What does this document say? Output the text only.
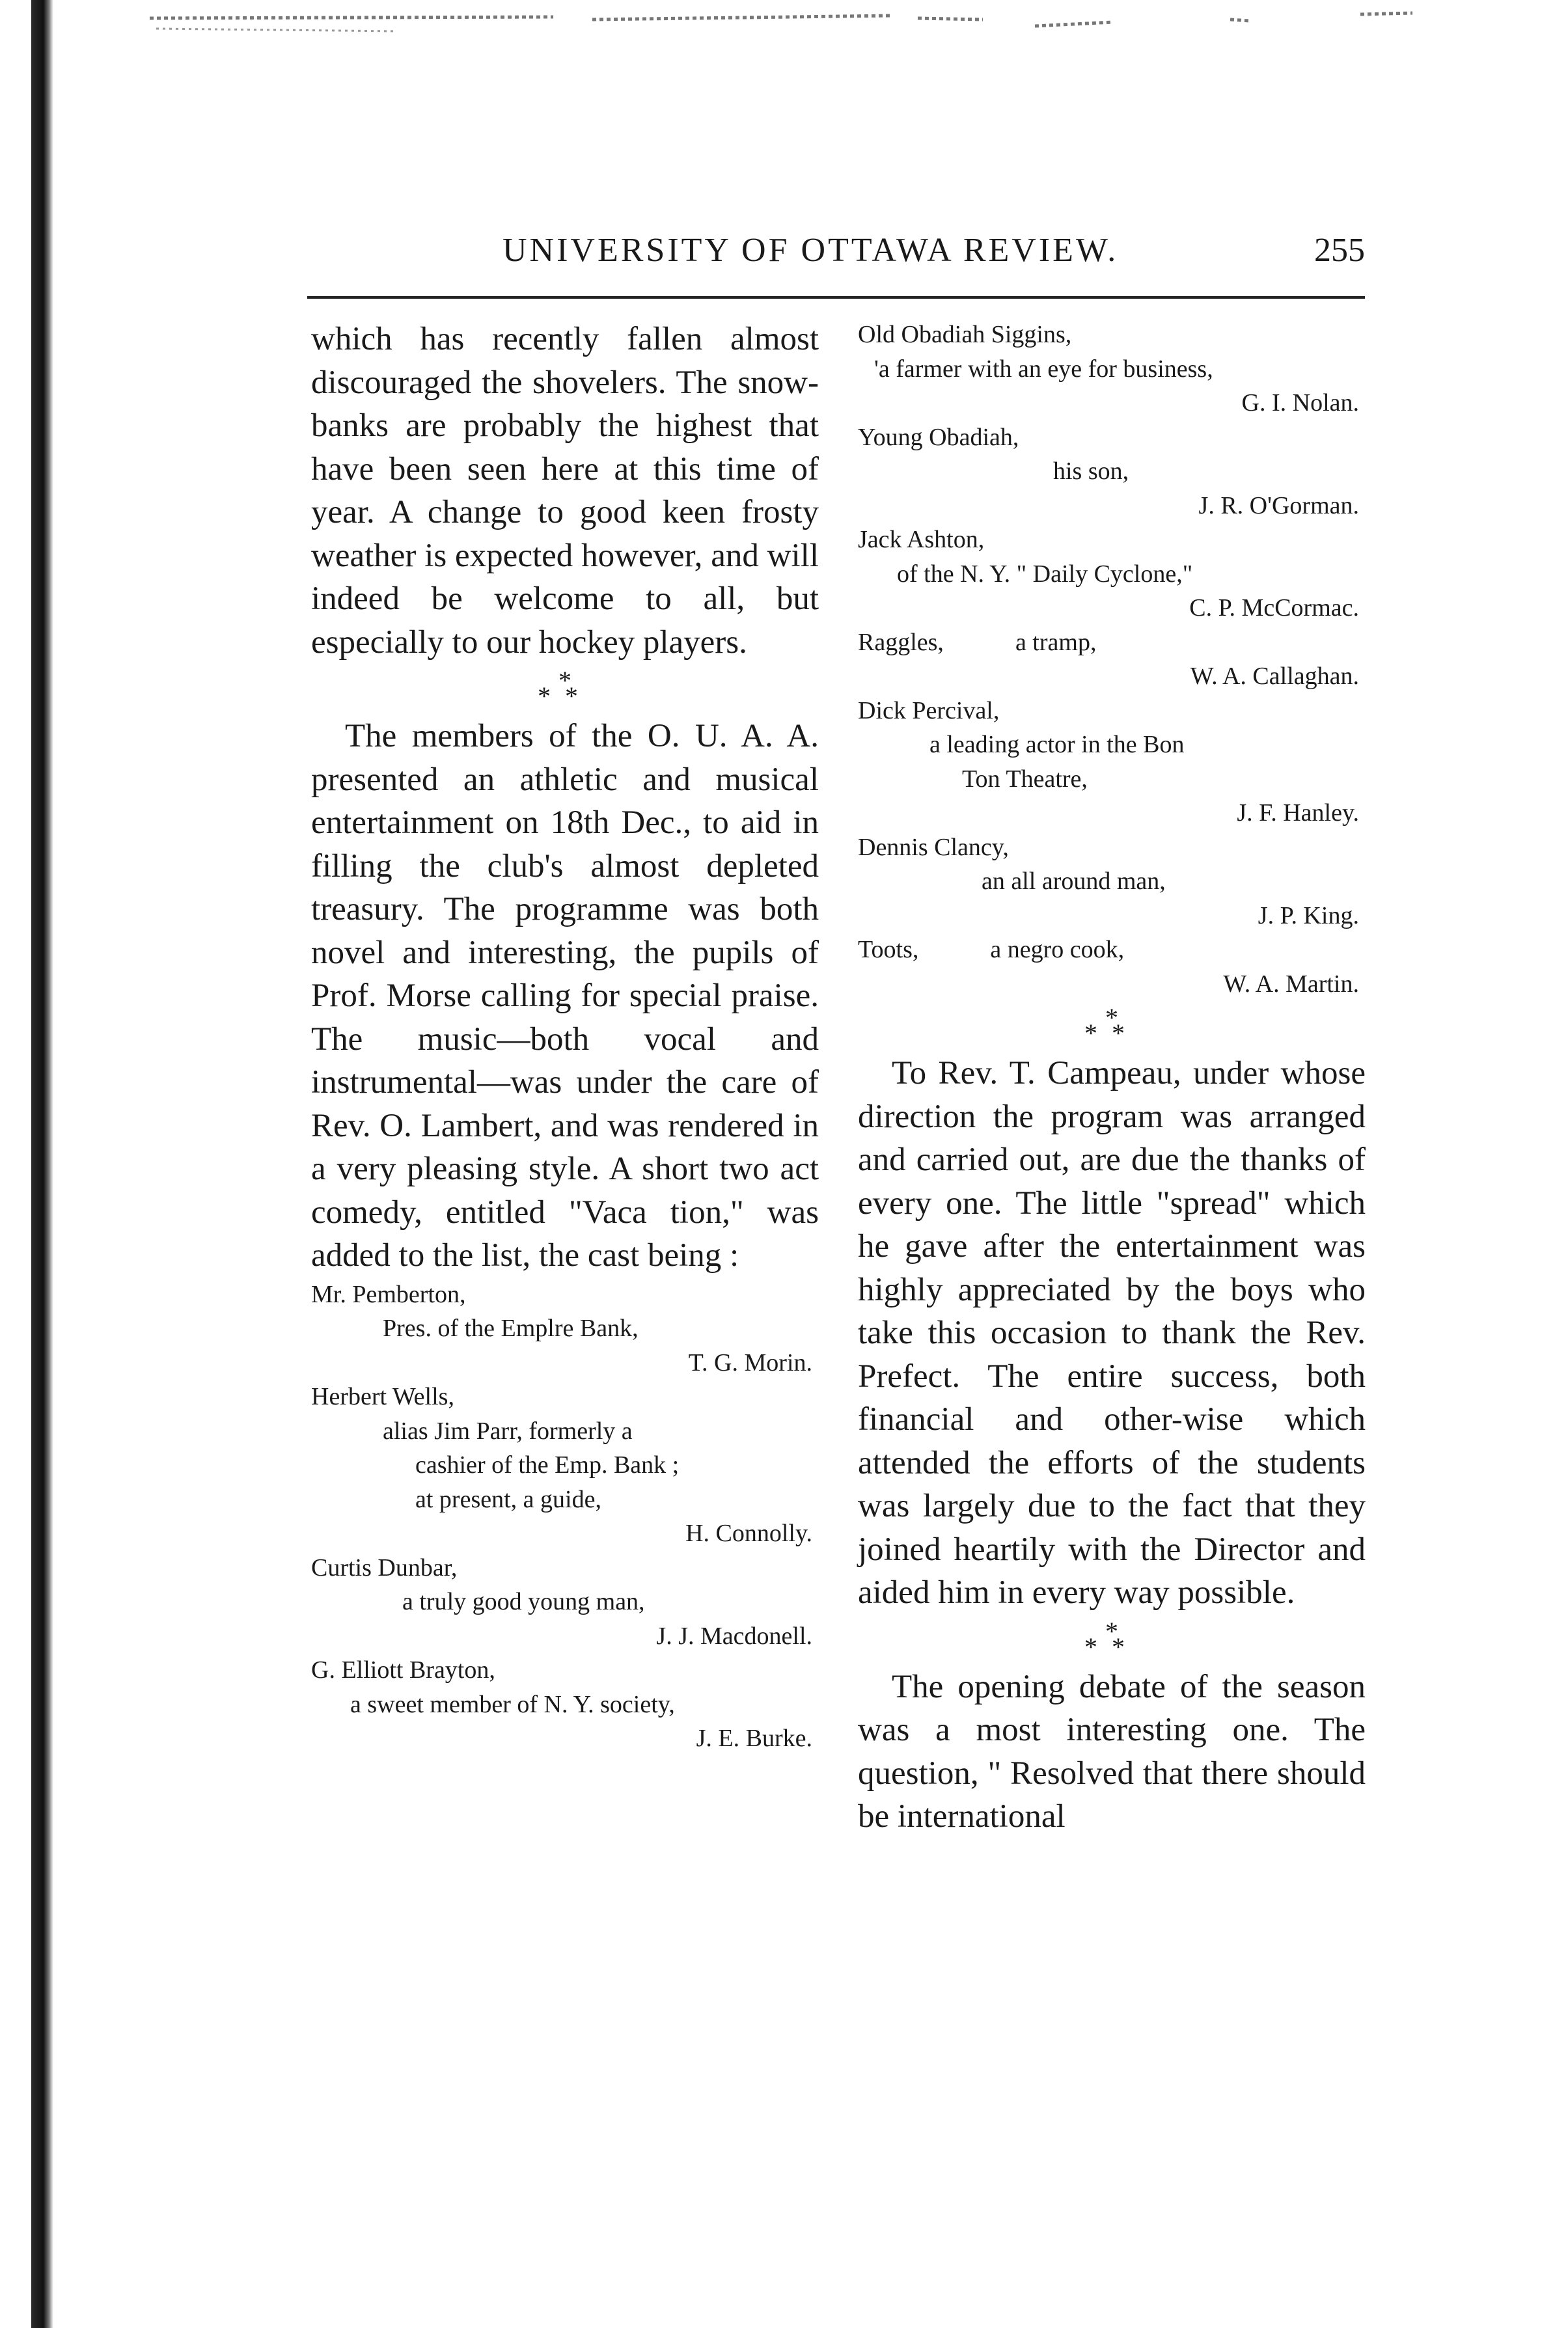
UNIVERSITY OF OTTAWA REVIEW.	255

which has recently fallen almost discouraged the shovelers. The snow-banks are probably the highest that have been seen here at this time of year. A change to good keen frosty weather is expected however, and will indeed be welcome to all, but especially to our hockey players.

*
**

The members of the O. U. A. A. presented an athletic and musical entertainment on 18th Dec., to aid in filling the club's almost depleted treasury. The programme was both novel and interesting, the pupils of Prof. Morse calling for special praise. The music—both vocal and instrumental—was under the care of Rev. O. Lambert, and was rendered in a very pleasing style. A short two act comedy, entitled "Vaca tion," was added to the list, the cast being :

Mr. Pemberton,
Pres. of the Emplre Bank,
T. G. Morin.
Herbert Wells,
alias Jim Parr, formerly a
cashier of the Emp. Bank ;
at present, a guide,
H. Connolly.
Curtis Dunbar,
a truly good young man,
J. J. Macdonell.
G. Elliott Brayton,
a sweet member of N. Y. society,
J. E. Burke.
Old Obadiah Siggins,
'a farmer with an eye for business,
G. I. Nolan.
Young Obadiah,
his son,
J. R. O'Gorman.
Jack Ashton,
of the N. Y. " Daily Cyclone,"
C. P. McCormac.
Raggles,	a tramp,
W. A. Callaghan.
Dick Percival,
a leading actor in the Bon
Ton Theatre,
J. F. Hanley.
Dennis Clancy,
an all around man,
J. P. King.
Toots,	a negro cook,
W. A. Martin.
*
**

To Rev. T. Campeau, under whose direction the program was arranged and carried out, are due the thanks of every one. The little "spread" which he gave after the entertainment was highly appreciated by the boys who take this occasion to thank the Rev. Prefect. The entire success, both financial and other-wise which attended the efforts of the students was largely due to the fact that they joined heartily with the Director and aided him in every way possible.

*
**

The opening debate of the season was a most interesting one. The question, " Resolved that there should be international
